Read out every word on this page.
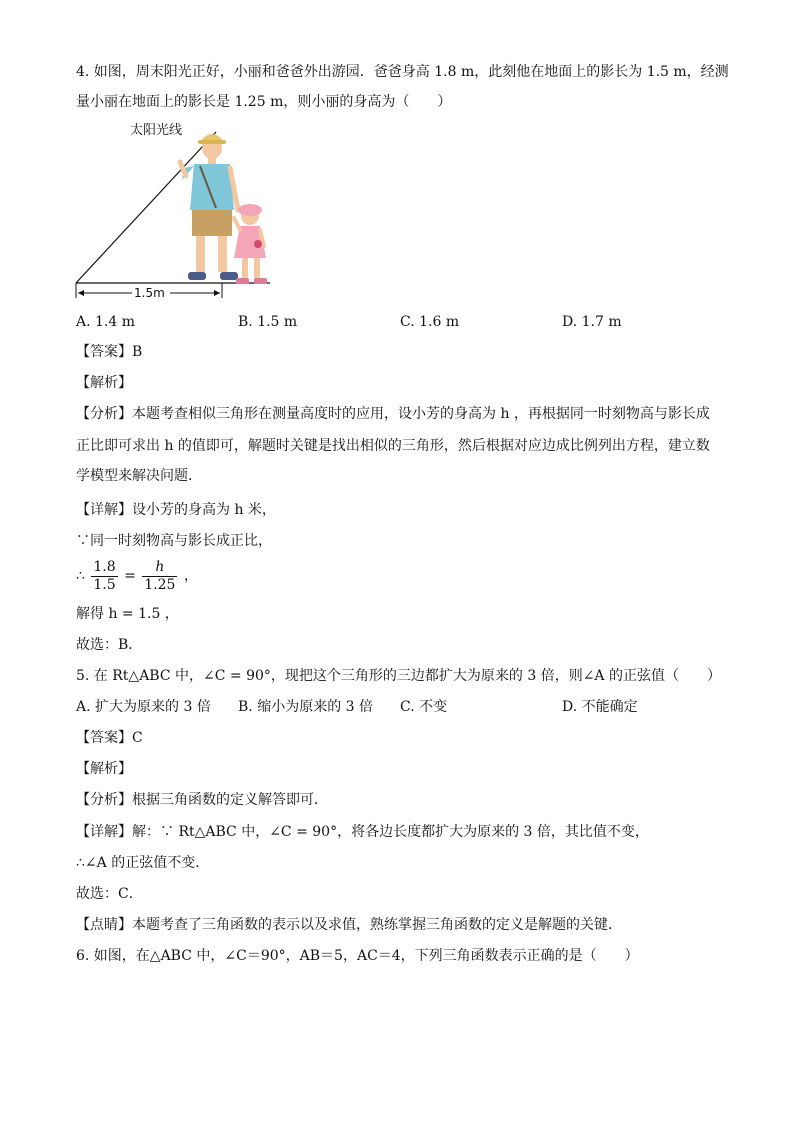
4. 如图，周末阳光正好，小丽和爸爸外出游园．爸爸身高 1.8 m，此刻他在地面上的影长为 1.5 m，经测
量小丽在地面上的影长是 1.25 m，则小丽的身高为（　　）
太阳光线
1.5m
A. 1.4 m	B. 1.5 m	C. 1.6 m	D. 1.7 m
【答案】B
【解析】
【分析】本题考查相似三角形在测量高度时的应用，设小芳的身高为 h ，再根据同一时刻物高与影长成
正比即可求出 h 的值即可，解题时关键是找出相似的三角形，然后根据对应边成比例列出方程，建立数
学模型来解决问题．
【详解】设小芳的身高为 h 米，
∵同一时刻物高与影长成正比，
∴ $\frac{1.8}{1.5} = \frac{h}{1.25}$ ，
解得 h = 1.5 ，
故选：B．
5. 在 Rt△ABC 中，∠C = 90°，现把这个三角形的三边都扩大为原来的 3 倍，则∠A 的正弦值（　　）
A. 扩大为原来的 3 倍 B. 缩小为原来的 3 倍 C. 不变	D. 不能确定
【答案】C
【解析】
【分析】根据三角函数的定义解答即可．
【详解】解：∵ Rt△ABC 中，∠C = 90°，将各边长度都扩大为原来的 3 倍，其比值不变，
∴∠A 的正弦值不变．
故选：C．
【点睛】本题考查了三角函数的表示以及求值，熟练掌握三角函数的定义是解题的关键．
6. 如图，在△ABC 中，∠C＝90°，AB＝5，AC＝4，下列三角函数表示正确的是（　　）
